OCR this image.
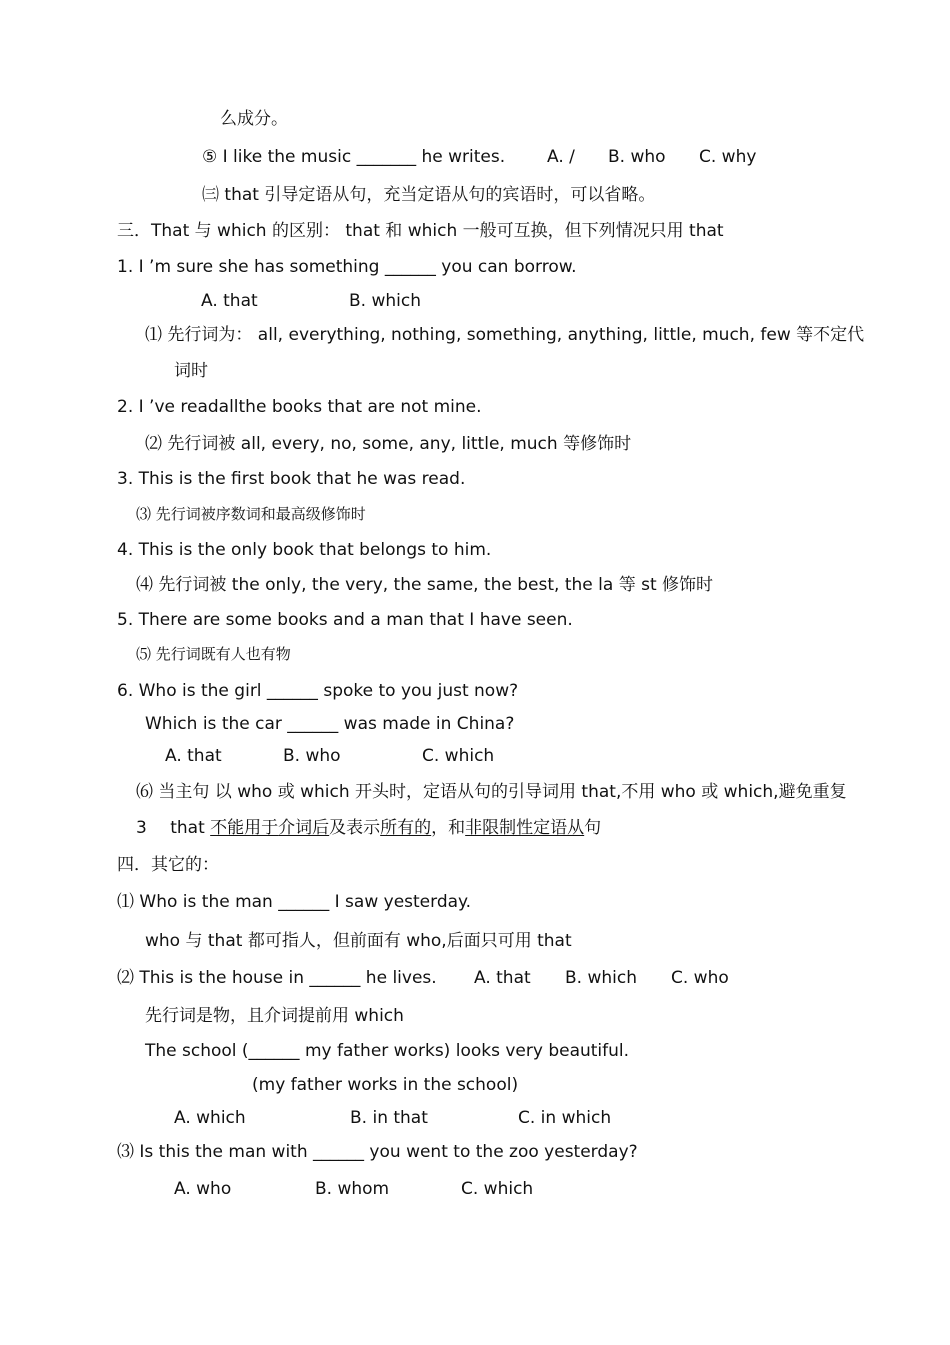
么成分。
⑤ I like the music _______ he writes. A. / B. who C. why
㈢ that 引导定语从句，充当定语从句的宾语时，可以省略。
三．That 与 which 的区别： that 和 which 一般可互换，但下列情况只用 that
1. I ’m sure she has something ______ you can borrow.
A. that	B. which
⑴ 先行词为： all, everything, nothing, something, anything, little, much, few 等不定代
词时
2. I ’ve readallthe books that are not mine.
⑵ 先行词被 all, every, no, some, any, little, much 等修饰时
3. This is the first book that he was read.
⑶ 先行词被序数词和最高级修饰时
4. This is the only book that belongs to him.
⑷ 先行词被 the only, the very, the same, the best, the la 等 st 修饰时
5. There are some books and a man that I have seen.
⑸ 先行词既有人也有物
6. Who is the girl ______ spoke to you just now?
Which is the car ______ was made in China?
A. that	B. who	C. which
⑹ 当主句 以 who 或 which 开头时，定语从句的引导词用 that,不用 who 或 which,避免重复
3 that 不能用于介词后及表示所有的，和非限制性定语从句
四．其它的：
⑴ Who is the man ______ I saw yesterday.
who 与 that 都可指人，但前面有 who,后面只可用 that
⑵ This is the house in ______ he lives. A. that B. which C. who
先行词是物，且介词提前用 which
The school (______ my father works) looks very beautiful.
(my father works in the school)
A. which	B. in that	C. in which
⑶ Is this the man with ______ you went to the zoo yesterday?
A. who	B. whom	C. which
